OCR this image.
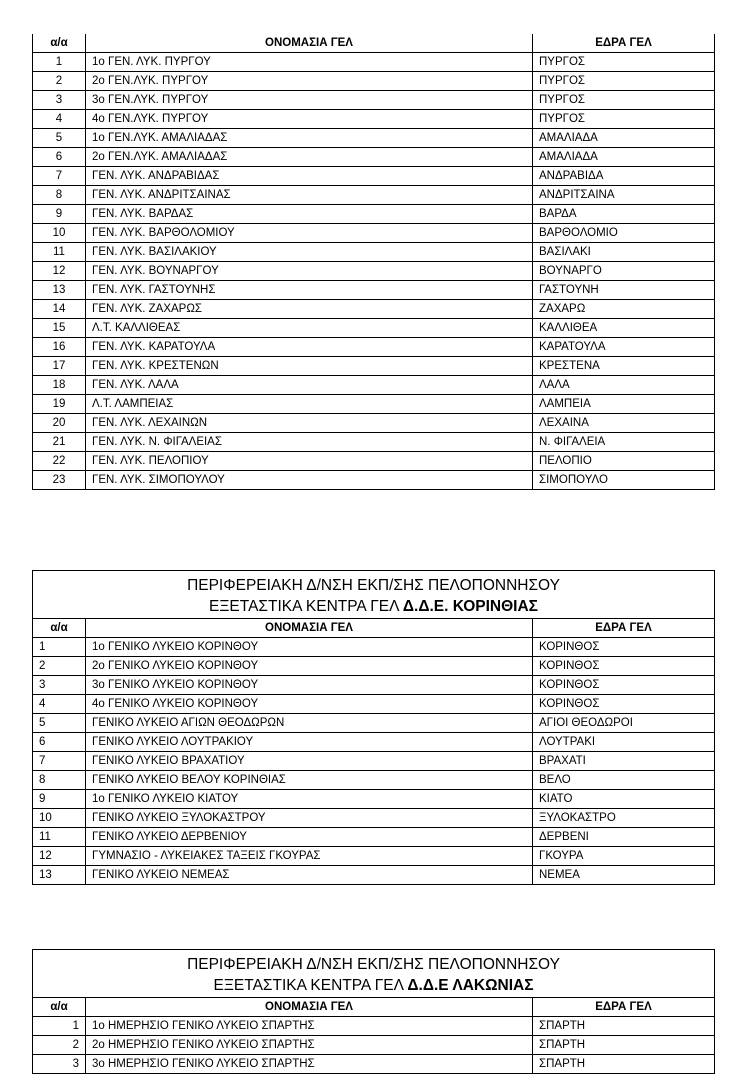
α/α	ΟΝΟΜΑΣΙΑ ΓΕΛ	ΕΔΡΑ ΓΕΛ
1	1ο ΓΕΝ. ΛΥΚ. ΠΥΡΓΟΥ	ΠΥΡΓΟΣ
2	2ο ΓΕΝ.ΛΥΚ. ΠΥΡΓΟΥ	ΠΥΡΓΟΣ
3	3ο ΓΕΝ.ΛΥΚ. ΠΥΡΓΟΥ	ΠΥΡΓΟΣ
4	4ο ΓΕΝ.ΛΥΚ. ΠΥΡΓΟΥ	ΠΥΡΓΟΣ
5	1ο ΓΕΝ.ΛΥΚ. ΑΜΑΛΙΑΔΑΣ	ΑΜΑΛΙΑΔΑ
6	2ο ΓΕΝ.ΛΥΚ. ΑΜΑΛΙΑΔΑΣ	ΑΜΑΛΙΑΔΑ
7	ΓΕΝ. ΛΥΚ. ΑΝΔΡΑΒΙΔΑΣ	ΑΝΔΡΑΒΙΔΑ
8	ΓΕΝ. ΛΥΚ. ΑΝΔΡΙΤΣΑΙΝΑΣ	ΑΝΔΡΙΤΣΑΙΝΑ
9	ΓΕΝ. ΛΥΚ. ΒΑΡΔΑΣ	ΒΑΡΔΑ
10	ΓΕΝ. ΛΥΚ. ΒΑΡΘΟΛΟΜΙΟΥ	ΒΑΡΘΟΛΟΜΙΟ
11	ΓΕΝ. ΛΥΚ. ΒΑΣΙΛΑΚΙΟΥ	ΒΑΣΙΛΑΚΙ
12	ΓΕΝ. ΛΥΚ. ΒΟΥΝΑΡΓΟΥ	ΒΟΥΝΑΡΓΟ
13	ΓΕΝ. ΛΥΚ. ΓΑΣΤΟΥΝΗΣ	ΓΑΣΤΟΥΝΗ
14	ΓΕΝ. ΛΥΚ. ΖΑΧΑΡΩΣ	ΖΑΧΑΡΩ
15	Λ.Τ. ΚΑΛΛΙΘΕΑΣ	ΚΑΛΛΙΘΕΑ
16	ΓΕΝ. ΛΥΚ. ΚΑΡΑΤΟΥΛΑ	ΚΑΡΑΤΟΥΛΑ
17	ΓΕΝ. ΛΥΚ. ΚΡΕΣΤΕΝΩΝ	ΚΡΕΣΤΕΝΑ
18	ΓΕΝ. ΛΥΚ. ΛΑΛΑ	ΛΑΛΑ
19	Λ.Τ. ΛΑΜΠΕΙΑΣ	ΛΑΜΠΕΙΑ
20	ΓΕΝ. ΛΥΚ. ΛΕΧΑΙΝΩΝ	ΛΕΧΑΙΝΑ
21	ΓΕΝ. ΛΥΚ. Ν. ΦΙΓΑΛΕΙΑΣ	Ν. ΦΙΓΑΛΕΙΑ
22	ΓΕΝ. ΛΥΚ. ΠΕΛΟΠΙΟΥ	ΠΕΛΟΠΙΟ
23	ΓΕΝ. ΛΥΚ. ΣΙΜΟΠΟΥΛΟΥ	ΣΙΜΟΠΟΥΛΟ
ΠΕΡΙΦΕΡΕΙΑΚΗ Δ/ΝΣΗ ΕΚΠ/ΣΗΣ ΠΕΛΟΠΟΝΝΗΣΟΥ
ΕΞΕΤΑΣΤΙΚΑ ΚΕΝΤΡΑ ΓΕΛ Δ.Δ.Ε. ΚΟΡΙΝΘΙΑΣ		

α/α	ΟΝΟΜΑΣΙΑ ΓΕΛ	ΕΔΡΑ ΓΕΛ
1	1ο ΓΕΝΙΚΟ ΛΥΚΕΙΟ ΚΟΡΙΝΘΟΥ	ΚΟΡΙΝΘΟΣ
2	2ο ΓΕΝΙΚΟ ΛΥΚΕΙΟ ΚΟΡΙΝΘΟΥ	ΚΟΡΙΝΘΟΣ
3	3ο ΓΕΝΙΚΟ ΛΥΚΕΙΟ ΚΟΡΙΝΘΟΥ	ΚΟΡΙΝΘΟΣ
4	4ο ΓΕΝΙΚΟ ΛΥΚΕΙΟ ΚΟΡΙΝΘΟΥ	ΚΟΡΙΝΘΟΣ
5	ΓΕΝΙΚΟ ΛΥΚΕΙΟ ΑΓΙΩΝ ΘΕΟΔΩΡΩΝ	ΑΓΙΟΙ ΘΕΟΔΩΡΟΙ
6	ΓΕΝΙΚΟ ΛΥΚΕΙΟ ΛΟΥΤΡΑΚΙΟΥ	ΛΟΥΤΡΑΚΙ
7	ΓΕΝΙΚΟ ΛΥΚΕΙΟ ΒΡΑΧΑΤΙΟΥ	ΒΡΑΧΑΤΙ
8	ΓΕΝΙΚΟ ΛΥΚΕΙΟ ΒΕΛΟΥ ΚΟΡΙΝΘΙΑΣ	ΒΕΛΟ
9	1ο ΓΕΝΙΚΟ ΛΥΚΕΙΟ ΚΙΑΤΟΥ	ΚΙΑΤΟ
10	ΓΕΝΙΚΟ ΛΥΚΕΙΟ ΞΥΛΟΚΑΣΤΡΟΥ	ΞΥΛΟΚΑΣΤΡΟ
11	ΓΕΝΙΚΟ ΛΥΚΕΙΟ ΔΕΡΒΕΝΙΟΥ	ΔΕΡΒΕΝΙ
12	ΓΥΜΝΑΣΙΟ - ΛΥΚΕΙΑΚΕΣ ΤΑΞΕΙΣ ΓΚΟΥΡΑΣ	ΓΚΟΥΡΑ
13	ΓΕΝΙΚΟ ΛΥΚΕΙΟ ΝΕΜΕΑΣ	ΝΕΜΕΑ
ΠΕΡΙΦΕΡΕΙΑΚΗ Δ/ΝΣΗ ΕΚΠ/ΣΗΣ ΠΕΛΟΠΟΝΝΗΣΟΥ
ΕΞΕΤΑΣΤΙΚΑ ΚΕΝΤΡΑ ΓΕΛ Δ.Δ.Ε ΛΑΚΩΝΙΑΣ		

α/α	ΟΝΟΜΑΣΙΑ ΓΕΛ	ΕΔΡΑ ΓΕΛ
1	1ο ΗΜΕΡΗΣΙΟ ΓΕΝΙΚΟ ΛΥΚΕΙΟ ΣΠΑΡΤΗΣ	ΣΠΑΡΤΗ
2	2ο ΗΜΕΡΗΣΙΟ ΓΕΝΙΚΟ ΛΥΚΕΙΟ ΣΠΑΡΤΗΣ	ΣΠΑΡΤΗ
3	3ο ΗΜΕΡΗΣΙΟ ΓΕΝΙΚΟ ΛΥΚΕΙΟ ΣΠΑΡΤΗΣ	ΣΠΑΡΤΗ
